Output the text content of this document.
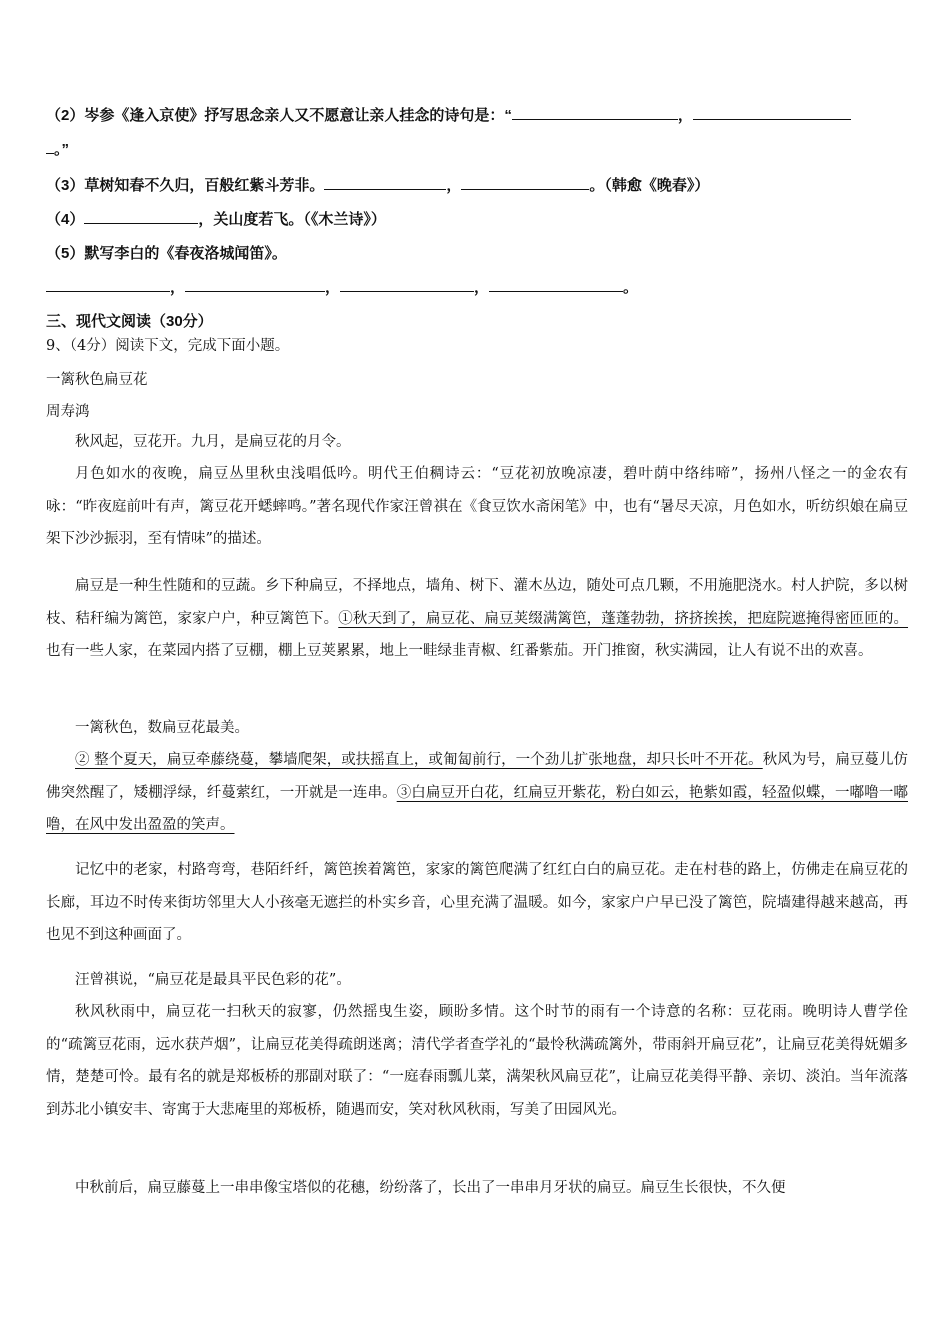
（2）岑参《逢入京使》抒写思念亲人又不愿意让亲人挂念的诗句是：“	，
。”
（3）草树知春不久归，百般红紫斗芳非。	，	。（韩愈《晚春》）
（4）	，关山度若飞。（《木兰诗》）
（5）默写李白的《春夜洛城闻笛》。
，	，	，	。
三、现代文阅读（30分）
9、（4分）阅读下文，完成下面小题。
一篱秋色扁豆花
周寿鸿
秋风起，豆花开。九月，是扁豆花的月令。
月色如水的夜晚，扁豆丛里秋虫浅唱低吟。明代王伯稠诗云：“豆花初放晚凉凄，碧叶荫中络纬啼”，扬州八怪之一的金农有咏：“昨夜庭前叶有声，篱豆花开蟋蟀鸣。”著名现代作家汪曾祺在《食豆饮水斋闲笔》中，也有“暑尽天凉，月色如水，听纺织娘在扁豆架下沙沙振羽，至有情味”的描述。
扁豆是一种生性随和的豆蔬。乡下种扁豆，不择地点，墙角、树下、灌木丛边，随处可点几颗，不用施肥浇水。村人护院，多以树枝、秸秆编为篱笆，家家户户，种豆篱笆下。①秋天到了，扁豆花、扁豆荚缀满篱笆，蓬蓬勃勃，挤挤挨挨，把庭院遮掩得密匝匝的。也有一些人家，在菜园内搭了豆棚，棚上豆荚累累，地上一畦绿韭青椒、红番紫茄。开门推窗，秋实满园，让人有说不出的欢喜。
一篱秋色，数扁豆花最美。
② 整个夏天，扁豆牵藤绕蔓，攀墙爬架，或扶摇直上，或匍匐前行，一个劲儿扩张地盘，却只长叶不开花。秋风为号，扁豆蔓儿仿佛突然醒了，矮棚浮绿，纤蔓萦红，一开就是一连串。③白扁豆开白花，红扁豆开紫花，粉白如云，艳紫如霞，轻盈似蝶，一嘟噜一嘟噜，在风中发出盈盈的笑声。
记忆中的老家，村路弯弯，巷陌纤纤，篱笆挨着篱笆，家家的篱笆爬满了红红白白的扁豆花。走在村巷的路上，仿佛走在扁豆花的长廊，耳边不时传来街坊邻里大人小孩毫无遮拦的朴实乡音，心里充满了温暖。如今，家家户户早已没了篱笆，院墙建得越来越高，再也见不到这种画面了。
汪曾祺说，“扁豆花是最具平民色彩的花”。
秋风秋雨中，扁豆花一扫秋天的寂寥，仍然摇曳生姿，顾盼多情。这个时节的雨有一个诗意的名称：豆花雨。晚明诗人曹学佺的“疏篱豆花雨，远水获芦烟”，让扁豆花美得疏朗迷离；清代学者查学礼的“最怜秋满疏篱外，带雨斜开扁豆花”，让扁豆花美得妩媚多情，楚楚可怜。最有名的就是郑板桥的那副对联了：“一庭春雨瓢儿菜，满架秋风扁豆花”，让扁豆花美得平静、亲切、淡泊。当年流落到苏北小镇安丰、寄寓于大悲庵里的郑板桥，随遇而安，笑对秋风秋雨，写美了田园风光。
中秋前后，扁豆藤蔓上一串串像宝塔似的花穗，纷纷落了，长出了一串串月牙状的扁豆。扁豆生长很快，不久便
